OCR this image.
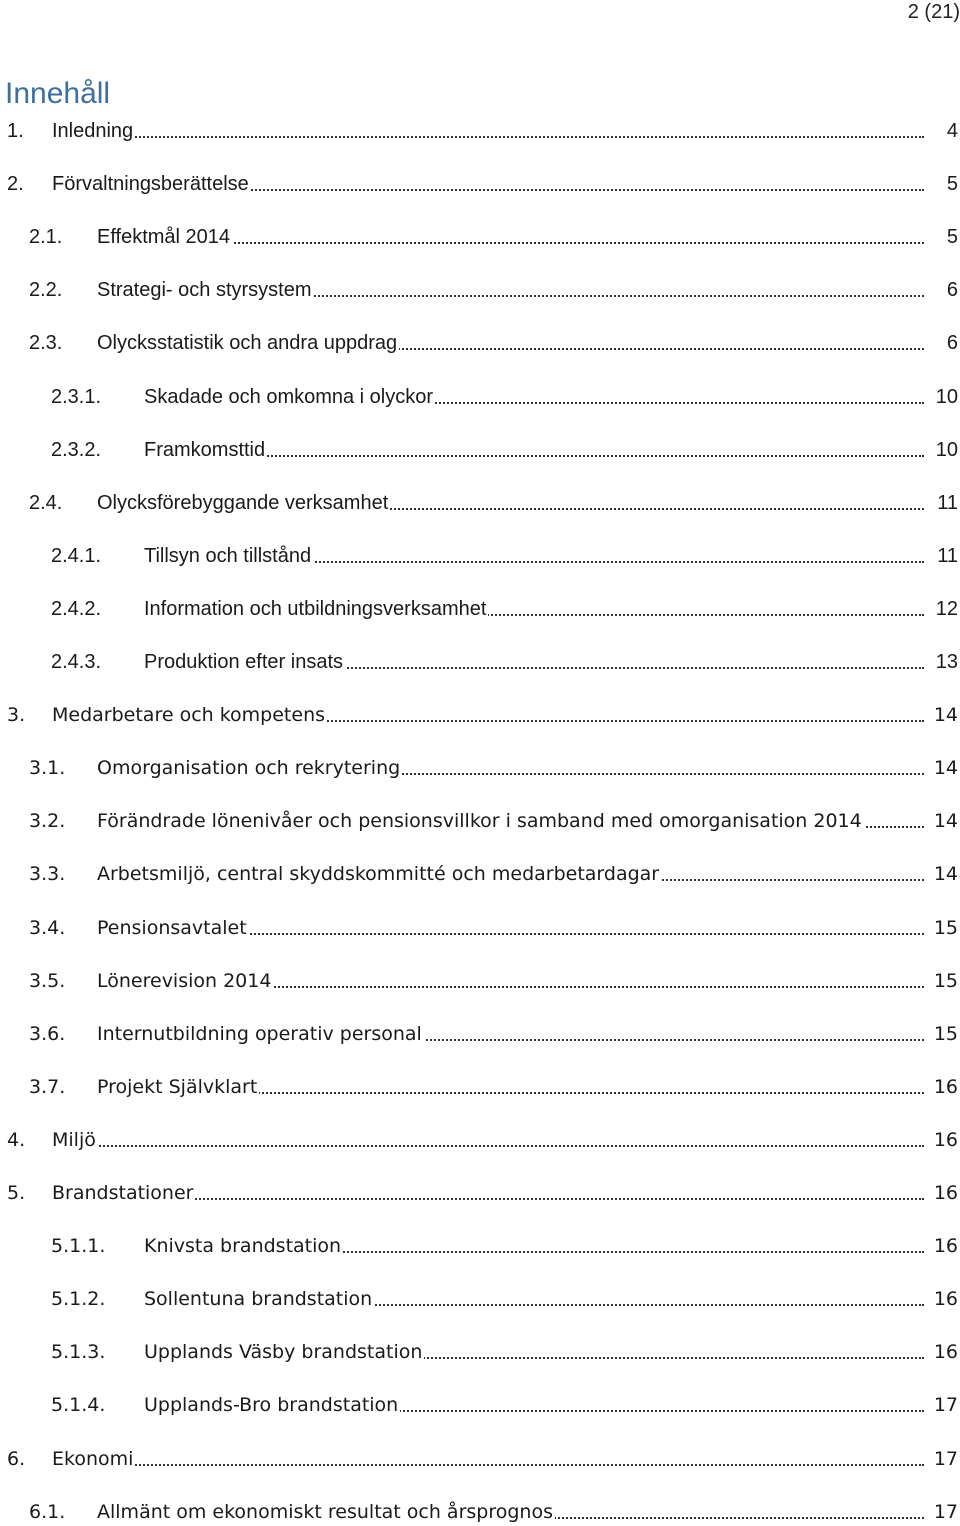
2 (21)
Innehåll
1. Inledning	4
2. Förvaltningsberättelse	5
2.1. Effektmål 2014	5
2.2. Strategi- och styrsystem	6
2.3. Olycksstatistik och andra uppdrag	6
2.3.1. Skadade och omkomna i olyckor	10
2.3.2. Framkomsttid	10
2.4. Olycksförebyggande verksamhet	11
2.4.1. Tillsyn och tillstånd	11
2.4.2. Information och utbildningsverksamhet	12
2.4.3. Produktion efter insats	13
3. Medarbetare och kompetens	14
3.1. Omorganisation och rekrytering	14
3.2. Förändrade lönenivåer och pensionsvillkor i samband med omorganisation 2014	14
3.3. Arbetsmiljö, central skyddskommitté och medarbetardagar	14
3.4. Pensionsavtalet	15
3.5. Lönerevision 2014	15
3.6. Internutbildning operativ personal	15
3.7. Projekt Självklart	16
4. Miljö	16
5. Brandstationer	16
5.1.1. Knivsta brandstation	16
5.1.2. Sollentuna brandstation	16
5.1.3. Upplands Väsby brandstation	16
5.1.4. Upplands-Bro brandstation	17
6. Ekonomi	17
6.1. Allmänt om ekonomiskt resultat och årsprognos	17
